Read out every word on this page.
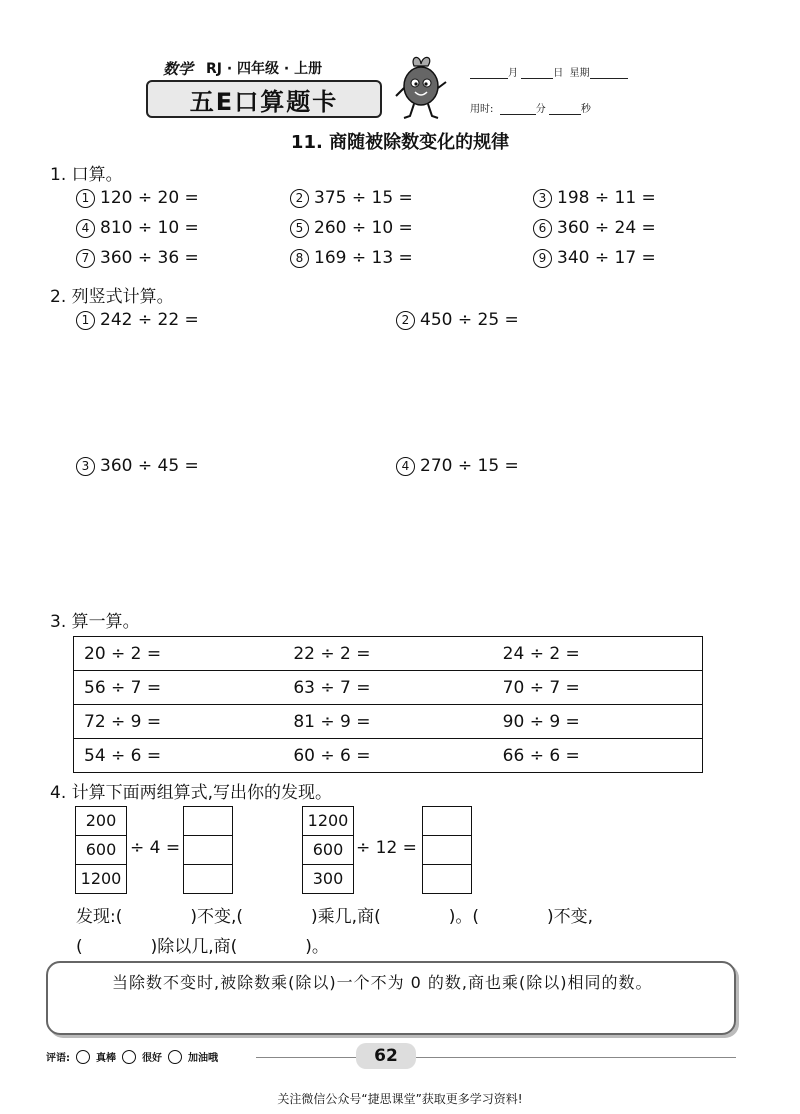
数学 RJ · 四年级 · 上册
五E口算题卡
月	日 星期
用时:	分	秒
11. 商随被除数变化的规律
1. 口算。
1 120 ÷ 20 =	2 375 ÷ 15 =	3 198 ÷ 11 =
4 810 ÷ 10 =	5 260 ÷ 10 =	6 360 ÷ 24 =
7 360 ÷ 36 =	8 169 ÷ 13 =	9 340 ÷ 17 =
2. 列竖式计算。
1 242 ÷ 22 =	2 450 ÷ 25 =
3 360 ÷ 45 =	4 270 ÷ 15 =
3. 算一算。
20 ÷ 2 =	22 ÷ 2 =	24 ÷ 2 =
56 ÷ 7 =	63 ÷ 7 =	70 ÷ 7 =
72 ÷ 9 =	81 ÷ 9 =	90 ÷ 9 =
54 ÷ 6 =	60 ÷ 6 =	66 ÷ 6 =
4. 计算下面两组算式,写出你的发现。
200
600
1200
÷ 4 =
1200
600
300
÷ 12 =
发现:(　　　　)不变,(　　　　)乘几,商(　　　　)。(　　　　)不变,
(　　　　)除以几,商(　　　　)。
当除数不变时,被除数乘(除以)一个不为 0 的数,商也乘(除以)相同的数。
评语:	真棒	很好	加油哦	62
关注微信公众号“捷思课堂”获取更多学习资料!
